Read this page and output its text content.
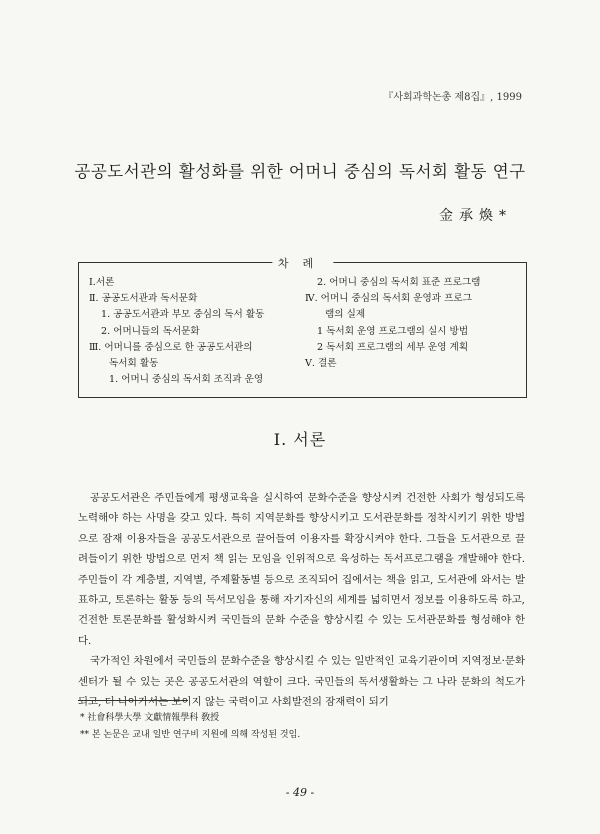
『사회과학논총 제8집』, 1999
공공도서관의 활성화를 위한 어머니 중심의 독서회 활동 연구
金承煥*
차례
Ⅰ.서론
Ⅱ. 공공도서관과 독서문화
1. 공공도서관과 부모 중심의 독서 활동
2. 어머니들의 독서문화
Ⅲ. 어머니를 중심으로 한 공공도서관의
독서회 활동
1. 어머니 중심의 독서회 조직과 운영
2. 어머니 중심의 독서회 표준 프로그램
Ⅳ. 어머니 중심의 독서회 운영과 프로그
램의 실제
1 독서회 운영 프로그램의 실시 방법
2 독서회 프로그램의 세부 운영 계획
Ⅴ. 결론
Ⅰ. 서론

공공도서관은 주민들에게 평생교육을 실시하여 문화수준을 향상시켜 건전한 사회가 형성되도록 노력해야 하는 사명을 갖고 있다. 특히 지역문화를 향상시키고 도서관문화를 정착시키기 위한 방법으로 잠재 이용자들을 공공도서관으로 끌어들여 이용자를 확장시켜야 한다. 그들을 도서관으로 끌려들이기 위한 방법으로 먼저 책 읽는 모임을 인위적으로 육성하는 독서프로그램을 개발해야 한다. 주민들이 각 계층별, 지역별, 주제활동별 등으로 조직되어 집에서는 책을 읽고, 도서관에 와서는 발표하고, 토론하는 활동 등의 독서모임을 통해 자기자신의 세계를 넓히면서 정보를 이용하도록 하고, 건전한 토론문화를 활성화시켜 국민들의 문화 수준을 향상시킬 수 있는 도서관문화를 형성해야 한다.

국가적인 차원에서 국민들의 문화수준을 향상시킬 수 있는 일반적인 교육기관이며 지역정보·문화센터가 될 수 있는 곳은 공공도서관의 역할이 크다. 국민들의 독서생활화는 그 나라 문화의 척도가 되고, 더 나아가서는 보이지 않는 국력이고 사회발전의 잠재력이 되기

* 社會科學大學 文獻情報學科 敎授
** 본 논문은 교내 일반 연구비 지원에 의해 작성된 것임.
- 49 -
